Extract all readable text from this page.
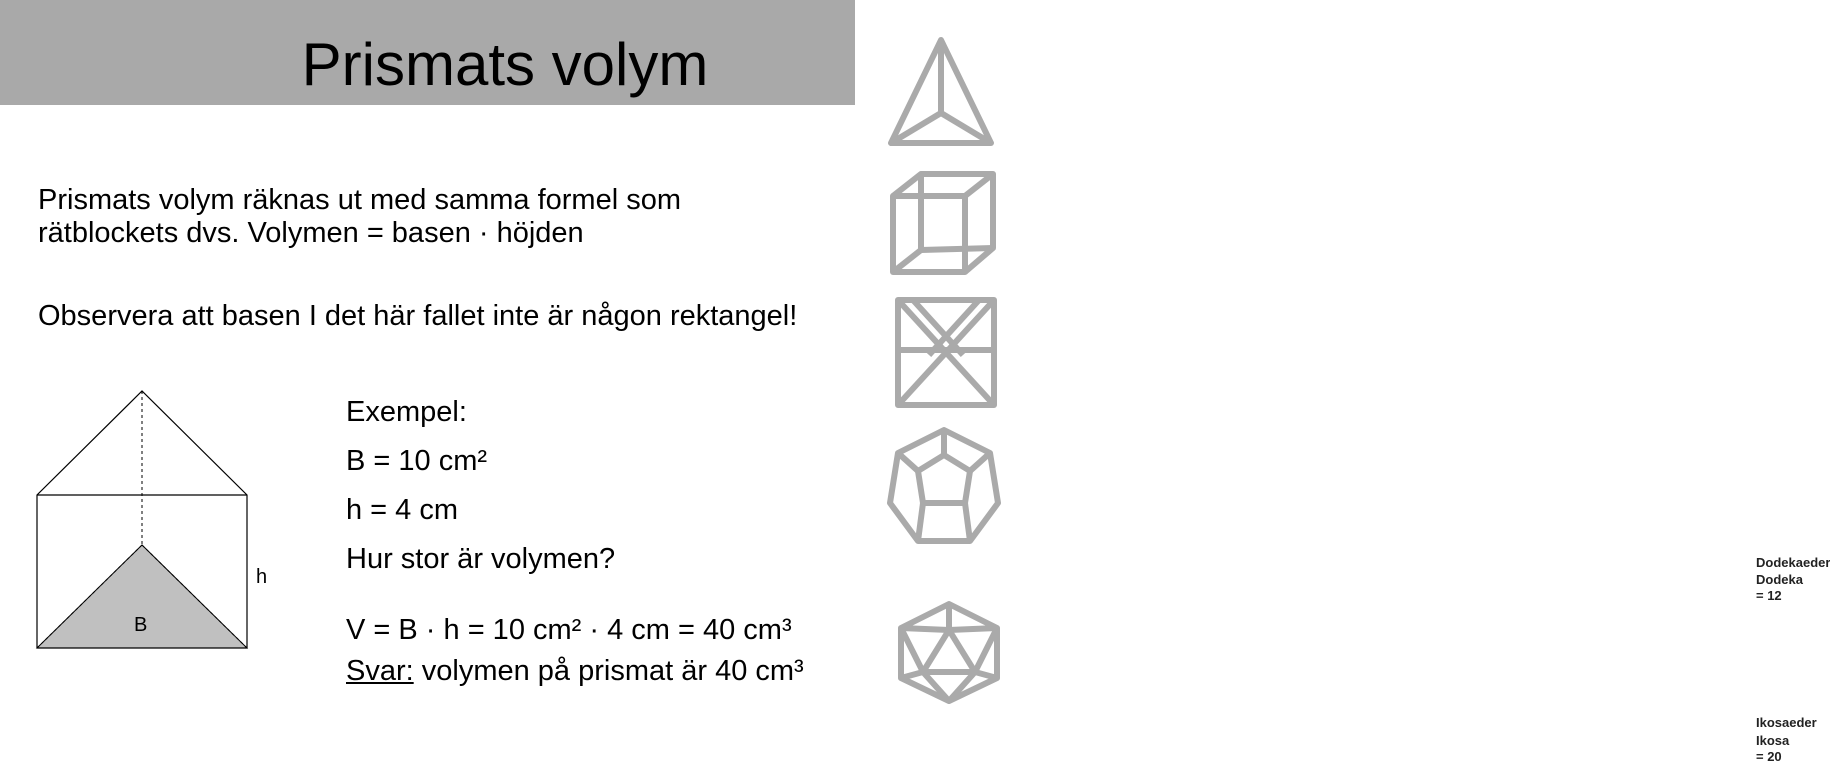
Prismats volym
Prismats volym räknas ut med samma formel som rätblockets dvs. Volymen = basen · höjden
Observera att basen I det här fallet inte är någon rektangel!
B
h
Exempel:
B = 10 cm²
h = 4 cm
Hur stor är volymen?
V = B · h = 10 cm² · 4 cm = 40 cm³
Svar: volymen på prismat är 40 cm³
Dodekaeder
Dodeka = 12
Ikosaeder
Ikosa = 20
